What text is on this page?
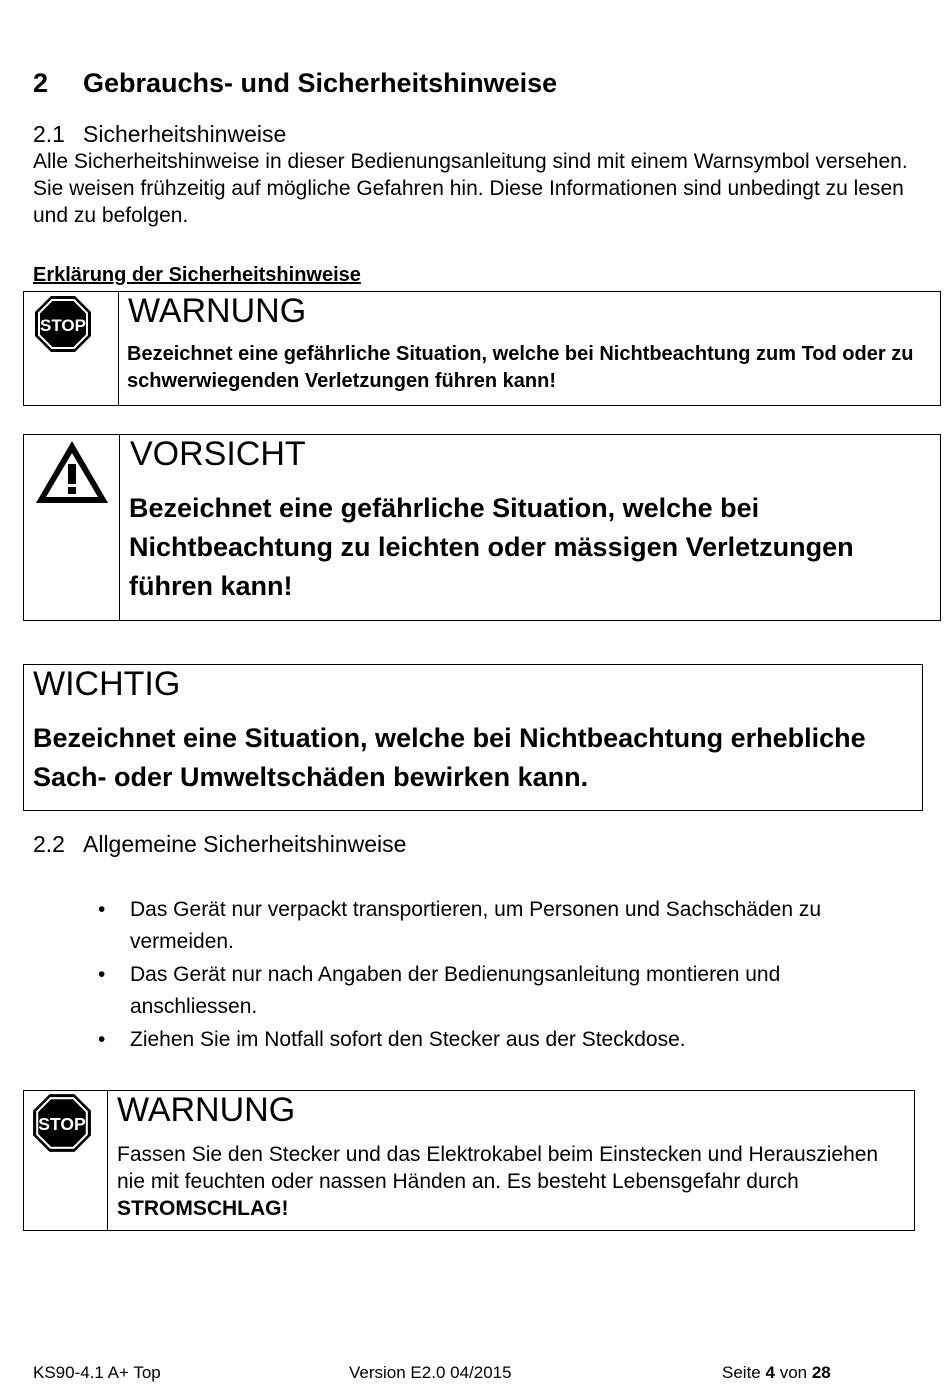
2 Gebrauchs- und Sicherheitshinweise
2.1 Sicherheitshinweise
Alle Sicherheitshinweise in dieser Bedienungsanleitung sind mit einem Warnsymbol versehen. Sie weisen frühzeitig auf mögliche Gefahren hin. Diese Informationen sind unbedingt zu lesen und zu befolgen.
Erklärung der Sicherheitshinweise
STOP WARNUNG
Bezeichnet eine gefährliche Situation, welche bei Nichtbeachtung zum Tod oder zu schwerwiegenden Verletzungen führen kann!
VORSICHT
Bezeichnet eine gefährliche Situation, welche bei Nichtbeachtung zu leichten oder mässigen Verletzungen führen kann!
WICHTIG
Bezeichnet eine Situation, welche bei Nichtbeachtung erhebliche Sach- oder Umweltschäden bewirken kann.
2.2 Allgemeine Sicherheitshinweise
• Das Gerät nur verpackt transportieren, um Personen und Sachschäden zu vermeiden.
• Das Gerät nur nach Angaben der Bedienungsanleitung montieren und anschliessen.
• Ziehen Sie im Notfall sofort den Stecker aus der Steckdose.
STOP WARNUNG
Fassen Sie den Stecker und das Elektrokabel beim Einstecken und Herausziehen nie mit feuchten oder nassen Händen an. Es besteht Lebensgefahr durch STROMSCHLAG!
KS90-4.1 A+ Top	Version E2.0 04/2015	Seite 4 von 28
